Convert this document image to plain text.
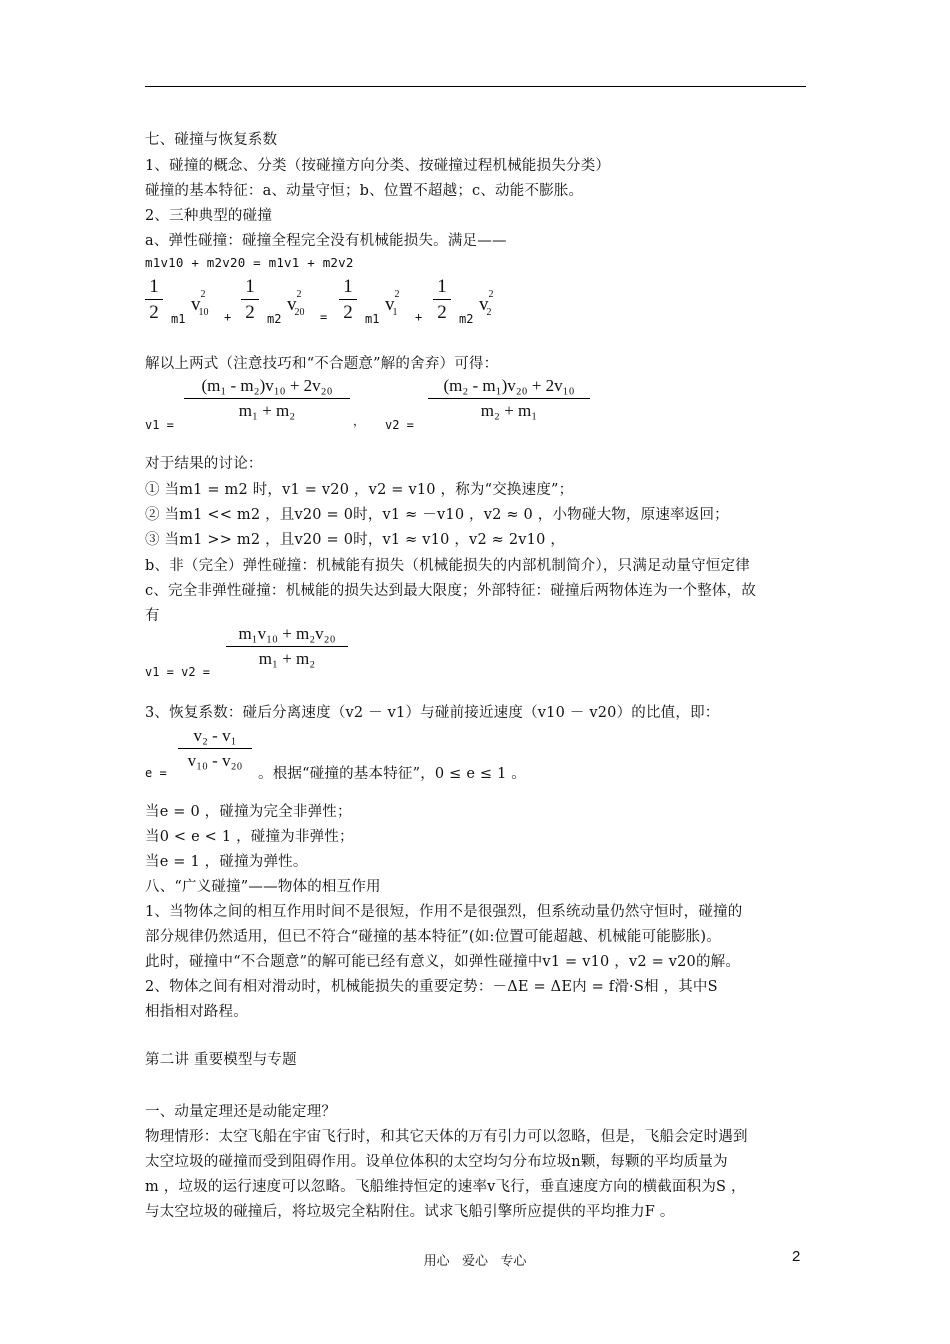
七、碰撞与恢复系数
1、碰撞的概念、分类（按碰撞方向分类、按碰撞过程机械能损失分类）
碰撞的基本特征：a、动量守恒；b、位置不超越；c、动能不膨胀。
2、三种典型的碰撞
a、弹性碰撞：碰撞全程完全没有机械能损失。满足——
m1v10 + m2v20 = m1v1 + m2v2
$\frac{1}{2} m1$
$v^2_{10}$	+ $\frac{1}{2} m2$
$v^2_{20}$	= $\frac{1}{2} m1$
$v^2_1$	+ $\frac{1}{2} m2$
$v^2_2$
解以上两式（注意技巧和“不合题意”解的舍弃）可得：
v1 =
$\frac{\text{(m₁ - m₂)v₁₀ + 2v₂₀}}{\text{m₁ + m₂}}$ ， v2 =
$\frac{\text{(m₂ - m₁)v₂₀ + 2v₁₀}}{\text{m₂ + m₁}}$
对于结果的讨论：
① 当m1 = m2 时，v1 = v20 ，v2 = v10 ，称为“交换速度”；
② 当m1 << m2 ，且v20 = 0时，v1 ≈ －v10 ，v2 ≈ 0 ，小物碰大物，原速率返回；
③ 当m1 >> m2 ，且v20 = 0时，v1 ≈ v10 ，v2 ≈ 2v10 ，
b、非（完全）弹性碰撞：机械能有损失（机械能损失的内部机制简介），只满足动量守恒定律
c、完全非弹性碰撞：机械能的损失达到最大限度；外部特征：碰撞后两物体连为一个整体，故
有
v1 = v2 =
$\frac{\text{m₁v₁₀ + m₂v₂₀}}{\text{m₁ + m₂}}$
3、恢复系数：碰后分离速度（v2 － v1）与碰前接近速度（v10 － v20）的比值，即：
e =
$\frac{\text{v₂ - v₁}}{\text{v₁₀ - v₂₀}}$
。根据“碰撞的基本特征”，0 ≤ e ≤ 1 。
当e = 0 ，碰撞为完全非弹性；
当0 < e < 1 ，碰撞为非弹性；
当e = 1 ，碰撞为弹性。
八、“广义碰撞”——物体的相互作用
1、当物体之间的相互作用时间不是很短，作用不是很强烈，但系统动量仍然守恒时，碰撞的
部分规律仍然适用，但已不符合“碰撞的基本特征”(如:位置可能超越、机械能可能膨胀)。
此时，碰撞中“不合题意”的解可能已经有意义，如弹性碰撞中v1 = v10 ，v2 = v20的解。
2、物体之间有相对滑动时，机械能损失的重要定势：－ΔE = ΔE内 = f滑·S相 ，其中S
相指相对路程。
第二讲 重要模型与专题
一、动量定理还是动能定理？
物理情形：太空飞船在宇宙飞行时，和其它天体的万有引力可以忽略，但是，飞船会定时遇到
太空垃圾的碰撞而受到阻碍作用。设单位体积的太空均匀分布垃圾n颗，每颗的平均质量为
m ，垃圾的运行速度可以忽略。飞船维持恒定的速率v飞行，垂直速度方向的横截面积为S ，
与太空垃圾的碰撞后，将垃圾完全粘附住。试求飞船引擎所应提供的平均推力F 。
用心   爱心   专心	2
